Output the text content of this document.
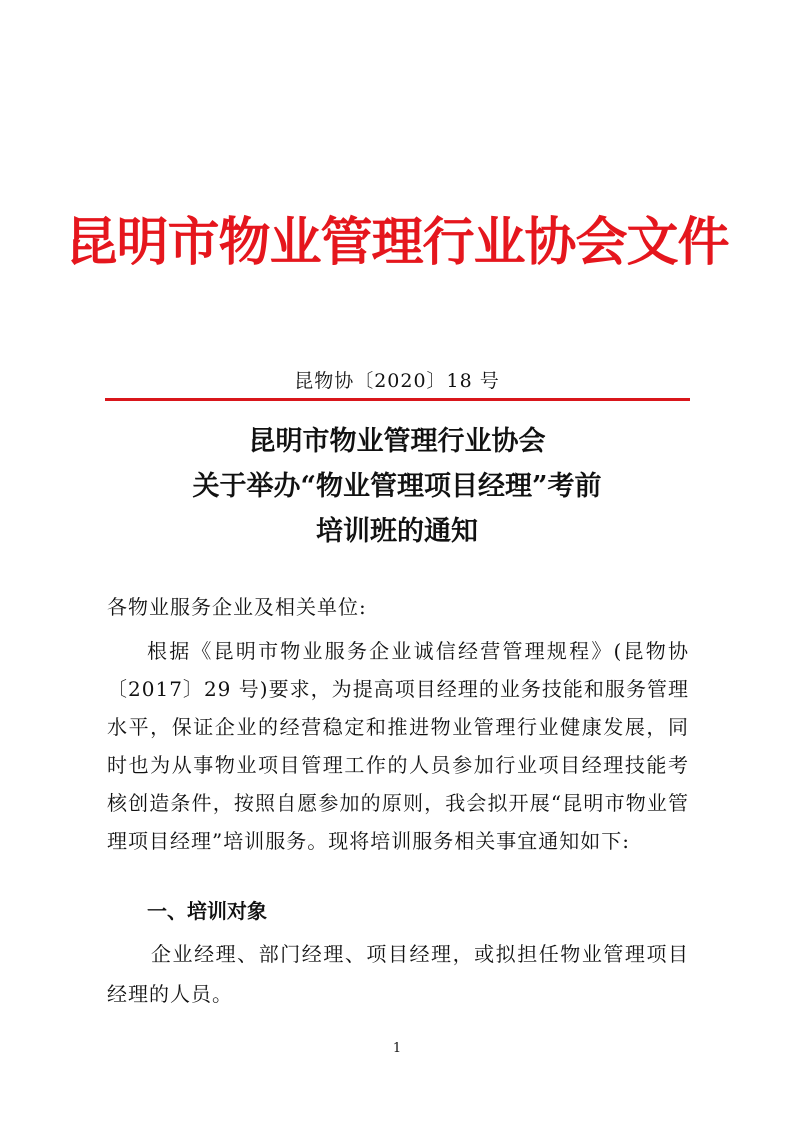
昆明市物业管理行业协会文件
昆物协〔2020〕18 号
昆明市物业管理行业协会
关于举办“物业管理项目经理”考前
培训班的通知
各物业服务企业及相关单位:
根据《昆明市物业服务企业诚信经营管理规程》(昆物协〔2017〕29 号)要求，为提高项目经理的业务技能和服务管理水平，保证企业的经营稳定和推进物业管理行业健康发展，同时也为从事物业项目管理工作的人员参加行业项目经理技能考核创造条件，按照自愿参加的原则，我会拟开展“昆明市物业管理项目经理”培训服务。现将培训服务相关事宜通知如下:
一、培训对象
企业经理、部门经理、项目经理，或拟担任物业管理项目经理的人员。
1
